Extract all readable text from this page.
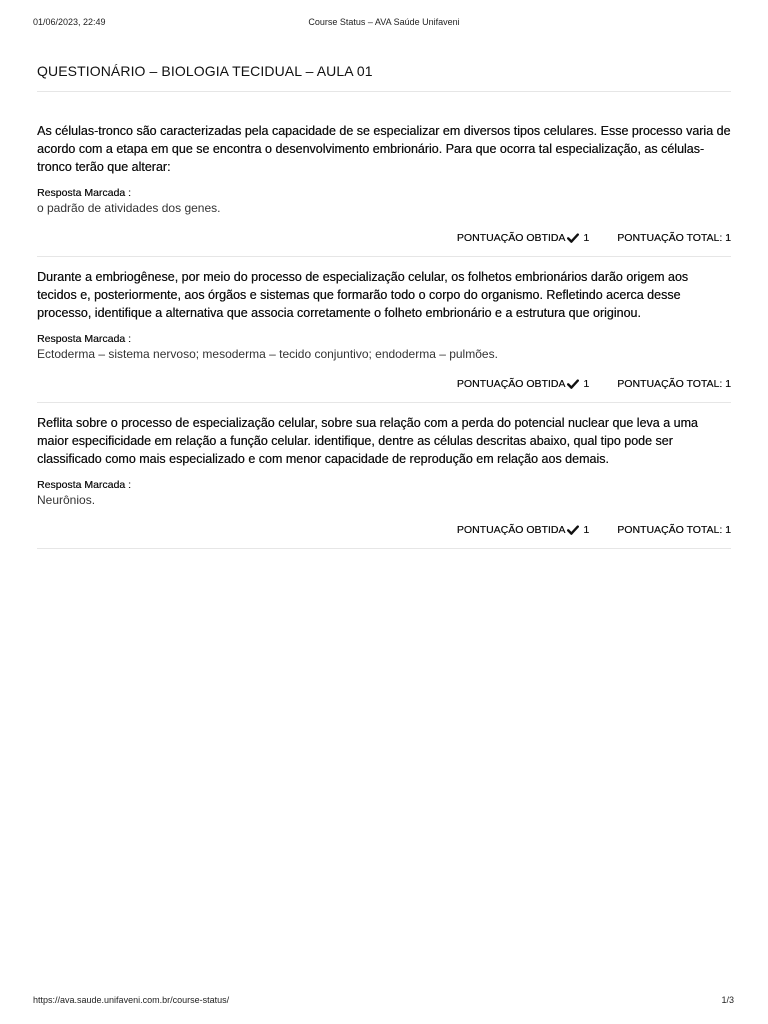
01/06/2023, 22:49	Course Status – AVA Saúde Unifaveni
QUESTIONÁRIO – BIOLOGIA TECIDUAL – AULA 01

As células-tronco são caracterizadas pela capacidade de se especializar em diversos tipos celulares. Esse processo varia de acordo com a etapa em que se encontra o desenvolvimento embrionário. Para que ocorra tal especialização, as células-tronco terão que alterar:

Resposta Marcada :
o padrão de atividades dos genes.
PONTUAÇÃO OBTIDA 1	PONTUAÇÃO TOTAL: 1

Durante a embriogênese, por meio do processo de especialização celular, os folhetos embrionários darão origem aos tecidos e, posteriormente, aos órgãos e sistemas que formarão todo o corpo do organismo. Refletindo acerca desse processo, identifique a alternativa que associa corretamente o folheto embrionário e a estrutura que originou.

Resposta Marcada :
Ectoderma – sistema nervoso; mesoderma – tecido conjuntivo; endoderma – pulmões.
PONTUAÇÃO OBTIDA 1	PONTUAÇÃO TOTAL: 1

Reflita sobre o processo de especialização celular, sobre sua relação com a perda do potencial nuclear que leva a uma maior especificidade em relação a função celular. identifique, dentre as células descritas abaixo, qual tipo pode ser classificado como mais especializado e com menor capacidade de reprodução em relação aos demais.

Resposta Marcada :
Neurônios.
PONTUAÇÃO OBTIDA 1	PONTUAÇÃO TOTAL: 1
https://ava.saude.unifaveni.com.br/course-status/	1/3
